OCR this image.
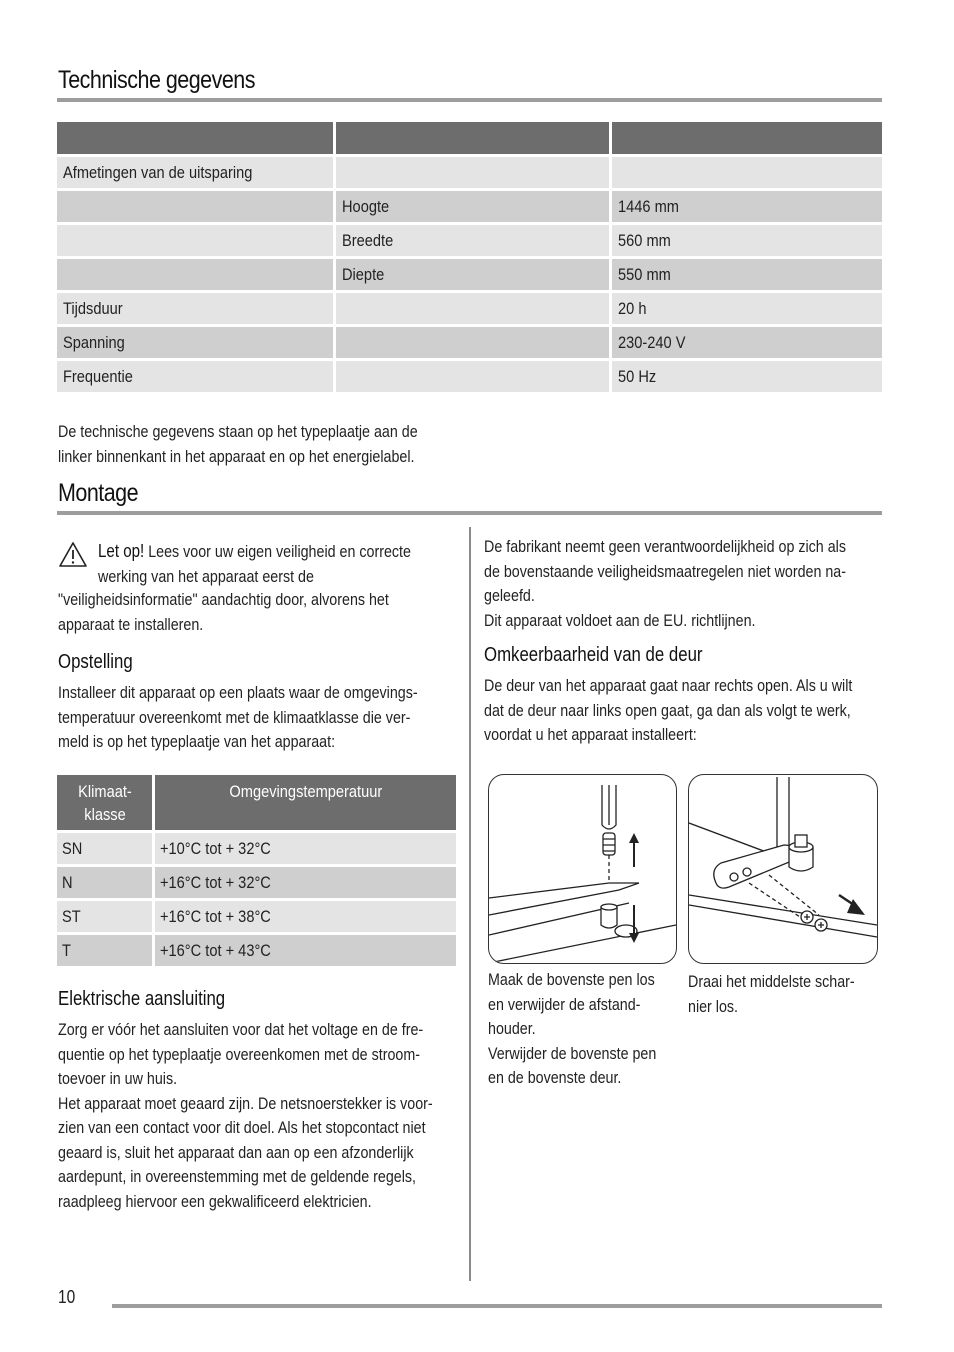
Technische gegevens

Afmetingen van de uitsparing		
	Hoogte	1446 mm
	Breedte	560 mm
	Diepte	550 mm
Tijdsduur		20 h
Spanning		230-240 V
Frequentie		50 Hz
De technische gegevens staan op het typeplaatje aan de
linker binnenkant in het apparaat en op het energielabel.
Montage
Let op! Lees voor uw eigen veiligheid en correcte
werking van het apparaat eerst de
"veiligheidsinformatie" aandachtig door, alvorens het
apparaat te installeren.
Opstelling
Installeer dit apparaat op een plaats waar de omgevings-
temperatuur overeenkomt met de klimaatklasse die ver-
meld is op het typeplaatje van het apparaat:
Klimaat-klasse	Omgevingstemperatuur
SN	+10°C tot + 32°C
N	+16°C tot + 32°C
ST	+16°C tot + 38°C
T	+16°C tot + 43°C
Elektrische aansluiting
Zorg er vóór het aansluiten voor dat het voltage en de fre-
quentie op het typeplaatje overeenkomen met de stroom-
toevoer in uw huis.
Het apparaat moet geaard zijn. De netsnoerstekker is voor-
zien van een contact voor dit doel. Als het stopcontact niet
geaard is, sluit het apparaat dan aan op een afzonderlijk
aardepunt, in overeenstemming met de geldende regels,
raadpleeg hiervoor een gekwalificeerd elektricien.
De fabrikant neemt geen verantwoordelijkheid op zich als
de bovenstaande veiligheidsmaatregelen niet worden na-
geleefd.
Dit apparaat voldoet aan de EU. richtlijnen.
Omkeerbaarheid van de deur
De deur van het apparaat gaat naar rechts open. Als u wilt
dat de deur naar links open gaat, ga dan als volgt te werk,
voordat u het apparaat installeert:
Maak de bovenste pen los
en verwijder de afstand-
houder.
Verwijder de bovenste pen
en de bovenste deur.
Draai het middelste schar-
nier los.
10
